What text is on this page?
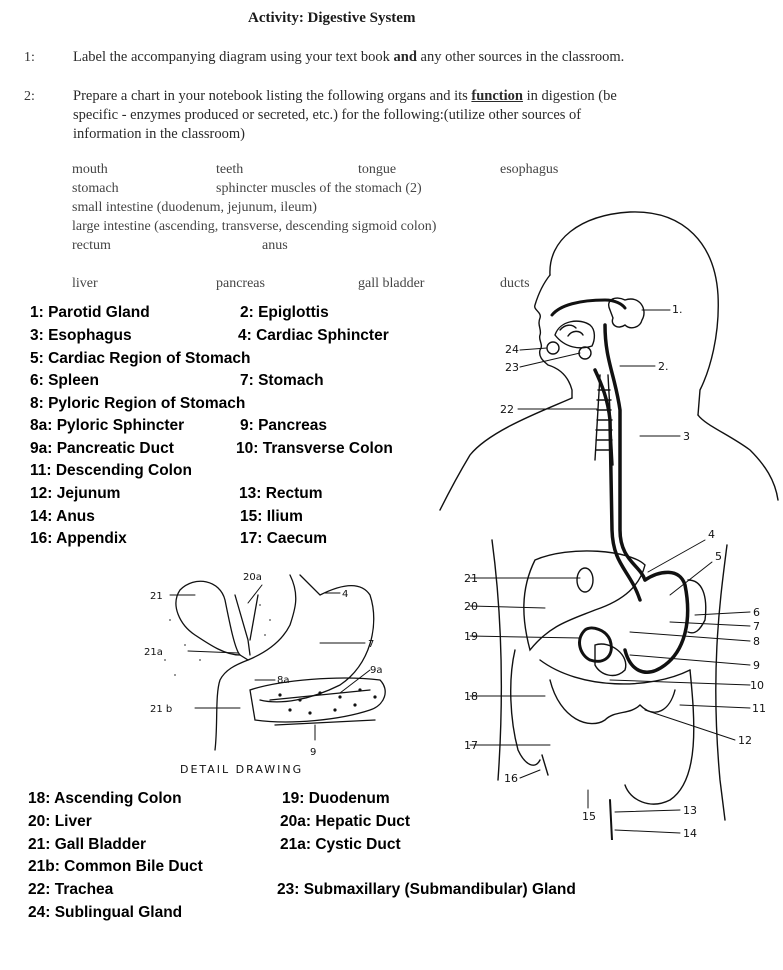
Activity: Digestive System
1:	Label the accompanying diagram using your text book and any other sources in the classroom.
2:	Prepare a chart in your notebook listing the following organs and its function in digestion (be
specific - enzymes produced or secreted, etc.) for the following:(utilize other sources of
information in the classroom)
mouth	teeth	tongue	esophagus
stomach	sphincter muscles of the stomach (2)
small intestine (duodenum, jejunum, ileum)
large intestine (ascending, transverse, descending sigmoid colon)
rectum	anus
liver	pancreas	gall bladder	ducts
1: Parotid Gland	2: Epiglottis
3: Esophagus	4: Cardiac Sphincter
5: Cardiac Region of Stomach
6: Spleen	7: Stomach
8: Pyloric Region of Stomach
8a: Pyloric Sphincter	9: Pancreas
9a: Pancreatic Duct	10: Transverse Colon
11: Descending Colon
12: Jejunum	13: Rectum
14: Anus	15: Ilium
16: Appendix	17: Caecum
18: Ascending Colon	19: Duodenum
20: Liver	20a: Hepatic Duct
21: Gall Bladder	21a: Cystic Duct
21b: Common Bile Duct
22: Trachea	23: Submaxillary (Submandibular) Gland
24: Sublingual Gland
1.
2.
3
4
5
6
7
8
9
10
11
12
13
14
15
16
17
18
19
20
21
22
23
24
21
20a
4
7
21a
8a
9a
21 b
9
DETAIL DRAWING
